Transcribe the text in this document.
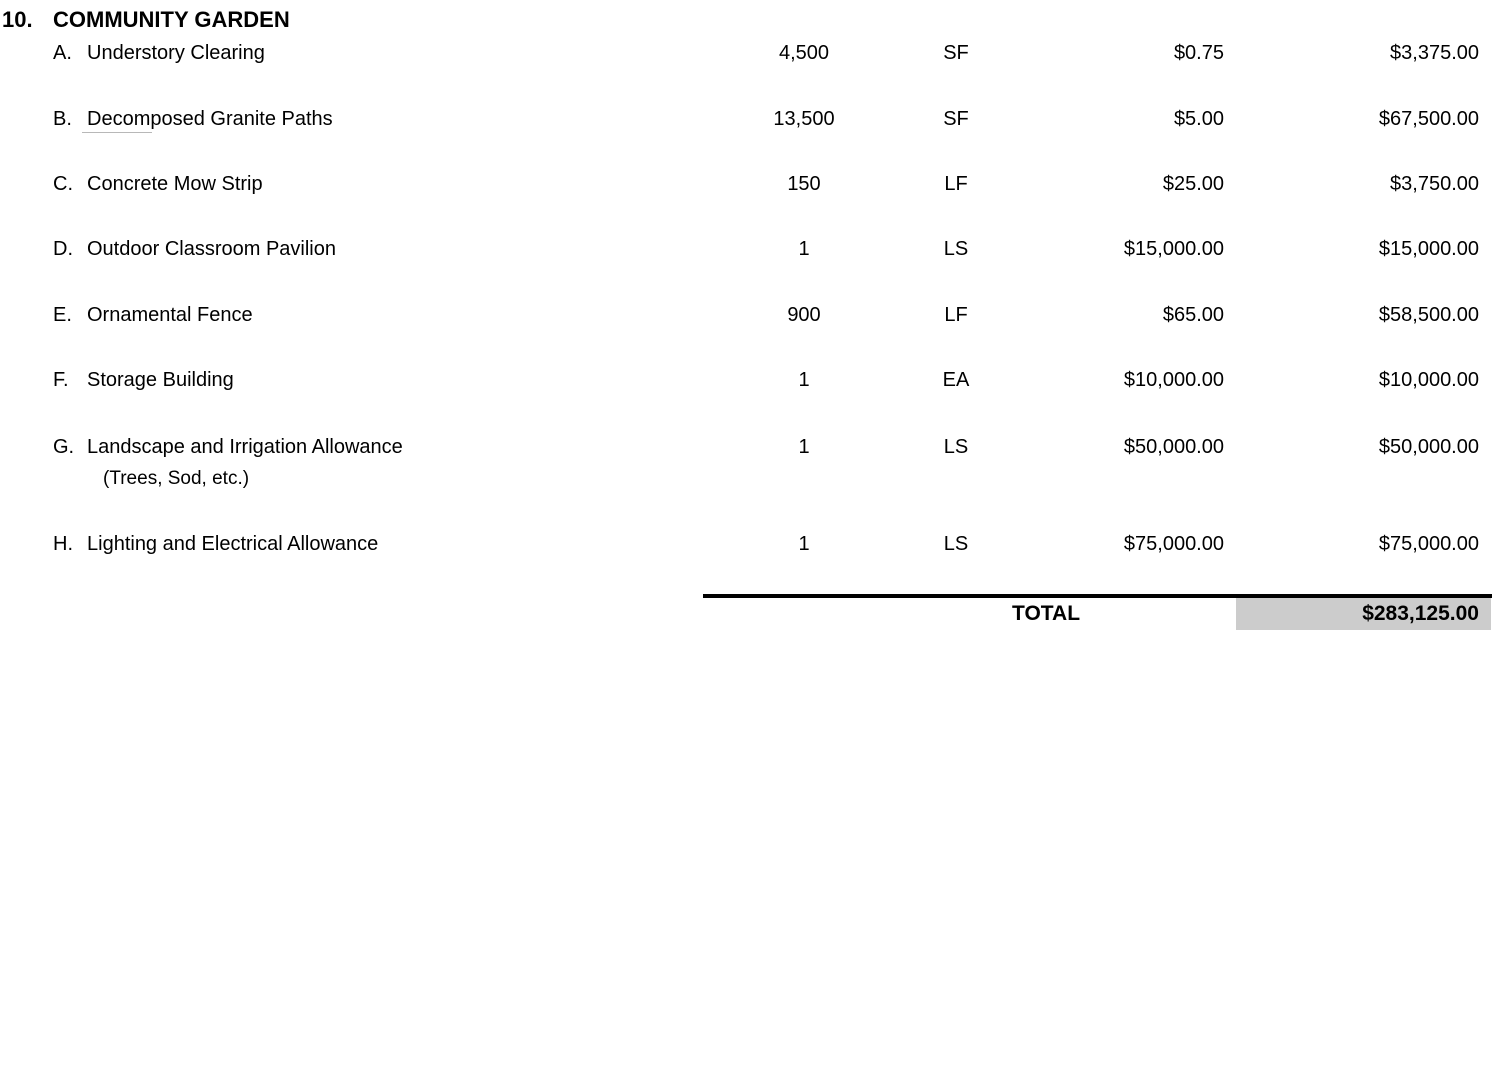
10. COMMUNITY GARDEN
A. Understory Clearing	4,500	SF	$0.75	$3,375.00
B. Decomposed Granite Paths	13,500	SF	$5.00	$67,500.00
C. Concrete Mow Strip	150	LF	$25.00	$3,750.00
D. Outdoor Classroom Pavilion	1	LS	$15,000.00	$15,000.00
E. Ornamental Fence	900	LF	$65.00	$58,500.00
F. Storage Building	1	EA	$10,000.00	$10,000.00
G. Landscape and Irrigation Allowance
(Trees, Sod, etc.)
1	LS	$50,000.00	$50,000.00
H. Lighting and Electrical Allowance	1	LS	$75,000.00	$75,000.00
TOTAL	$283,125.00
